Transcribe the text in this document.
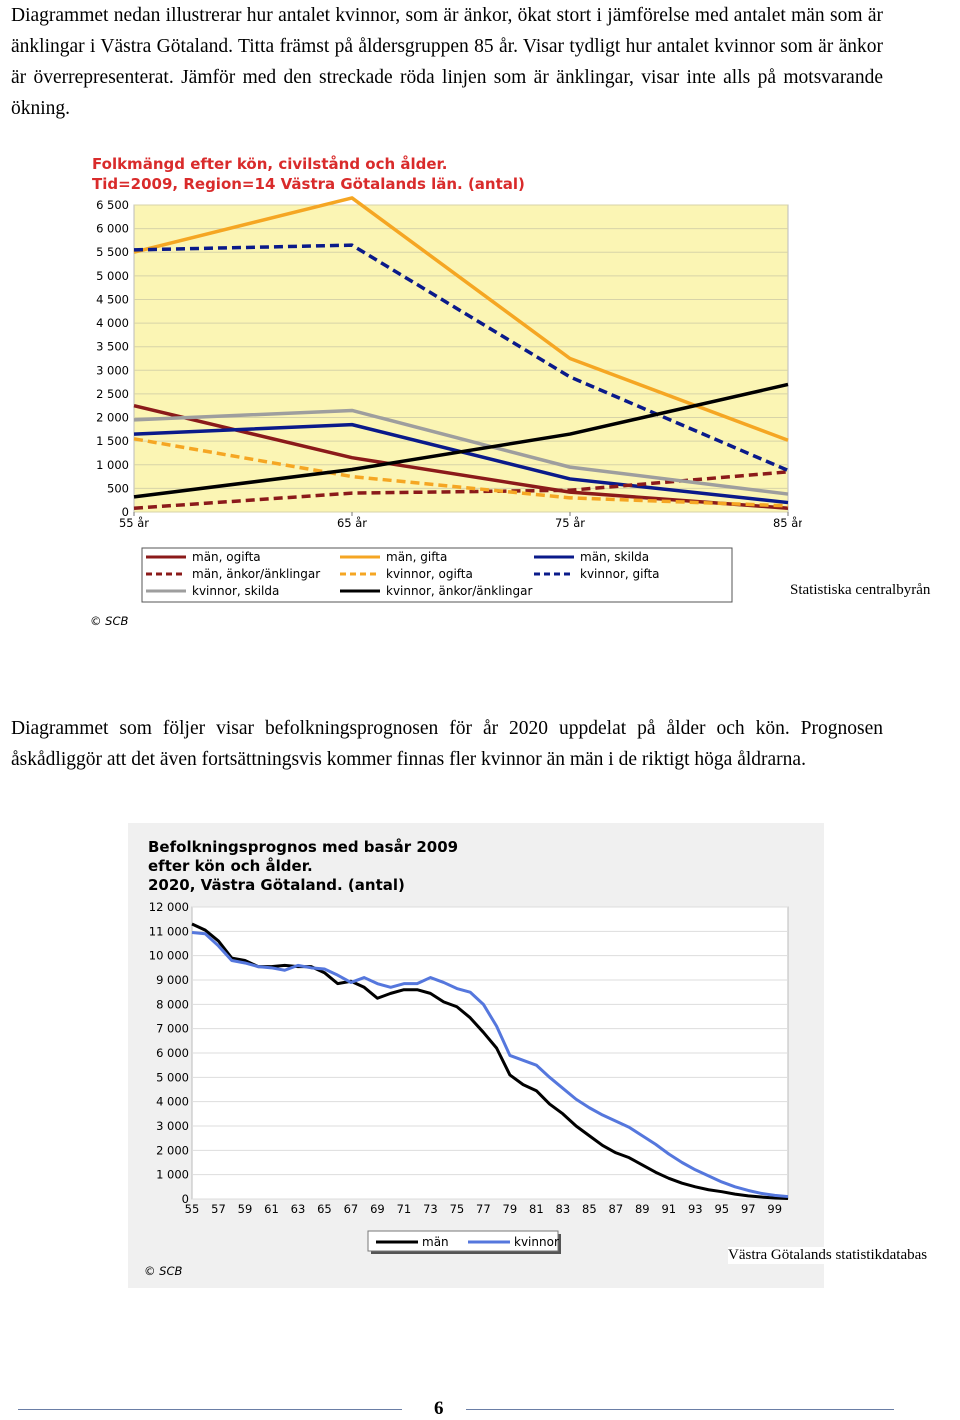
Diagrammet nedan illustrerar hur antalet kvinnor, som är änkor, ökat stort i jämförelse med antalet män som är änklingar i Västra Götaland. Titta främst på åldersgruppen 85 år. Visar tydligt hur antalet kvinnor som är änkor är överrepresenterat. Jämför med den streckade röda linjen som är änklingar, visar inte alls på motsvarande ökning.

Folkmängd efter kön, civilstånd och ålder.
Tid=2009, Region=14 Västra Götalands län. (antal)
0
500
1 000
1 500
2 000
2 500
3 000
3 500
4 000
4 500
5 000
5 500
6 000
6 500
55 år	65 år	75 år	85 år
män, ogifta	män, gifta	män, skilda
män, änkor/änklingar	kvinnor, ogifta	kvinnor, gifta
kvinnor, skilda	kvinnor, änkor/änklingar
© SCB
Statistiska centralbyrån

Diagrammet som följer visar befolkningsprognosen för år 2020 uppdelat på ålder och kön. Prognosen åskådliggör att det även fortsättningsvis kommer finnas fler kvinnor än män i de riktigt höga åldrarna.

Befolkningsprognos med basår 2009
efter kön och ålder.
2020, Västra Götaland. (antal)
0
1 000
2 000
3 000
4 000
5 000
6 000
7 000
8 000
9 000
10 000
11 000
12 000
55 57 59 61 63 65 67 69 71 73 75 77 79 81 83 85 87 89 91 93 95 97 99
män	kvinnor
© SCB
Västra Götalands statistikdatabas
6
